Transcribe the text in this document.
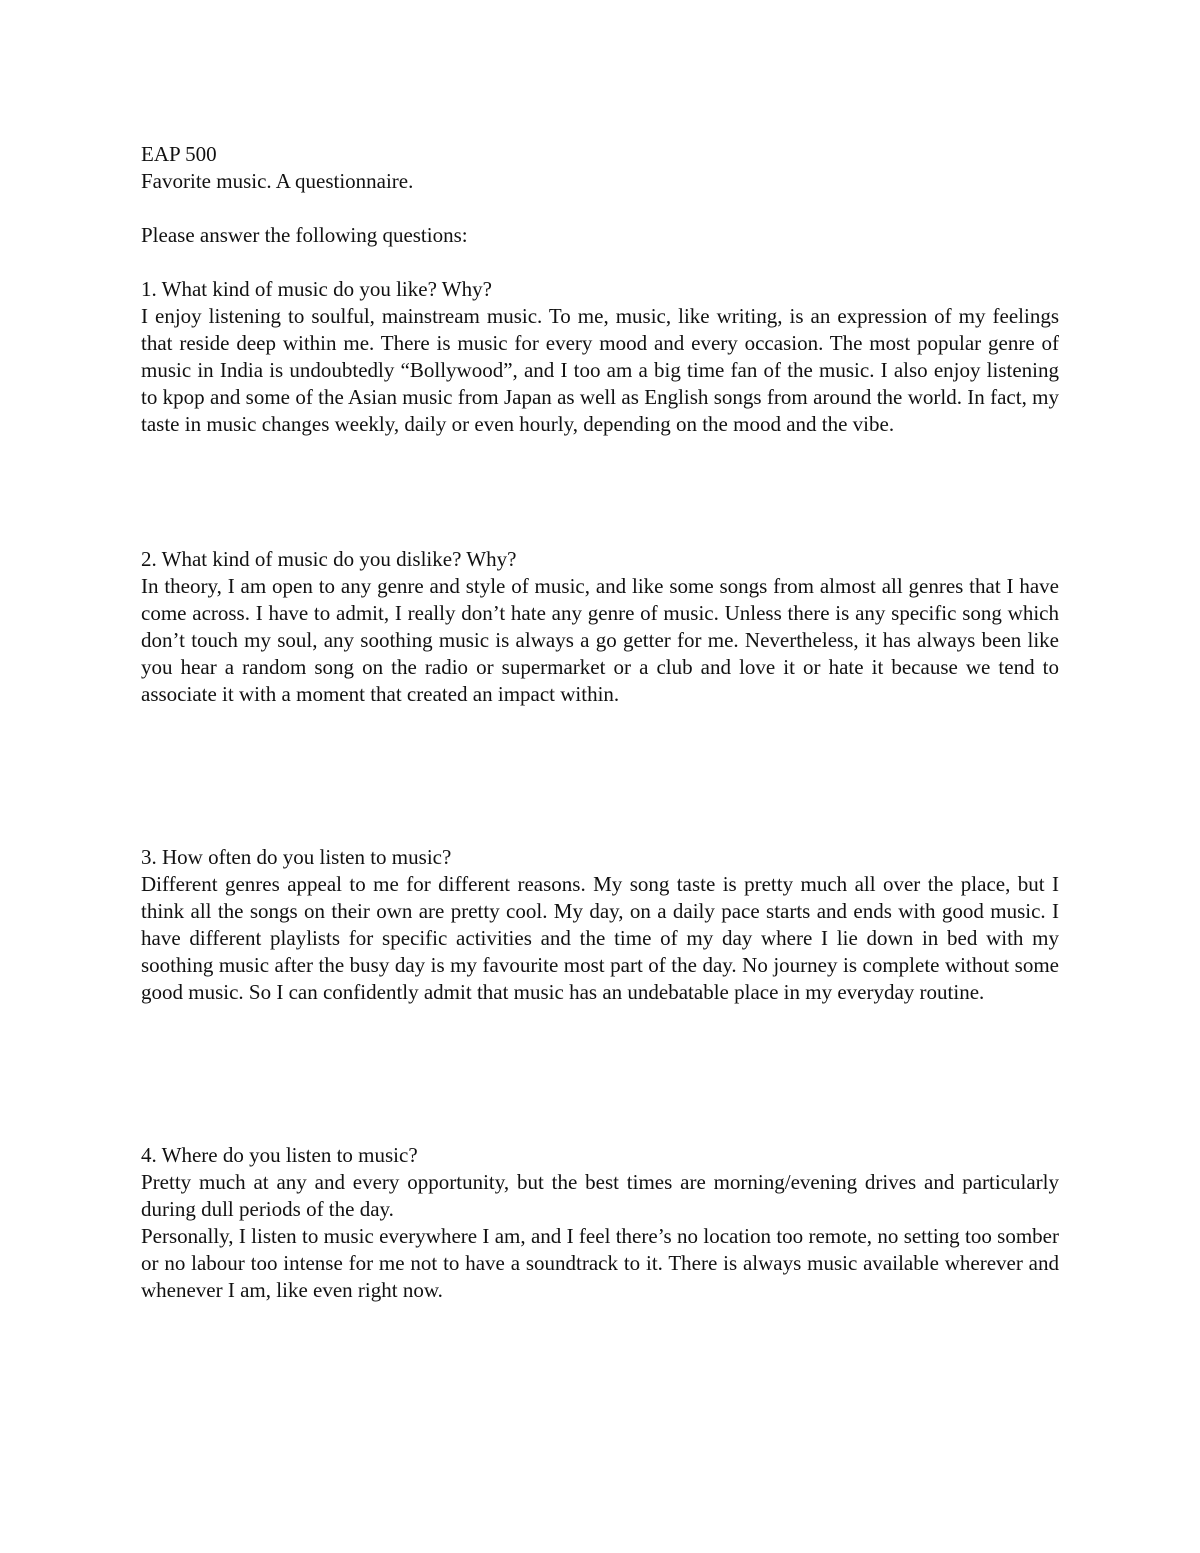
EAP 500

Favorite music. A questionnaire.

Please answer the following questions:

1. What kind of music do you like? Why?

I enjoy listening to soulful, mainstream music. To me, music, like writing, is an expression of my feelings that reside deep within me. There is music for every mood and every occasion. The most popular genre of music in India is undoubtedly “Bollywood”, and I too am a big time fan of the music. I also enjoy listening to kpop and some of the Asian music from Japan as well as English songs from around the world. In fact, my taste in music changes weekly, daily or even hourly, depending on the mood and the vibe.

2. What kind of music do you dislike? Why?

In theory, I am open to any genre and style of music, and like some songs from almost all genres that I have come across. I have to admit, I really don’t hate any genre of music. Unless there is any specific song which don’t touch my soul, any soothing music is always a go getter for me. Nevertheless, it has always been like you hear a random song on the radio or supermarket or a club and love it or hate it because we tend to associate it with a moment that created an impact within.

3. How often do you listen to music?

Different genres appeal to me for different reasons. My song taste is pretty much all over the place, but I think all the songs on their own are pretty cool. My day, on a daily pace starts and ends with good music. I have different playlists for specific activities and the time of my day where I lie down in bed with my soothing music after the busy day is my favourite most part of the day. No journey is complete without some good music. So I can confidently admit that music has an undebatable place in my everyday routine.

4. Where do you listen to music?

Pretty much at any and every opportunity, but the best times are morning/evening drives and particularly during dull periods of the day.

Personally, I listen to music everywhere I am, and I feel there’s no location too remote, no setting too somber or no labour too intense for me not to have a soundtrack to it. There is always music available wherever and whenever I am, like even right now.
